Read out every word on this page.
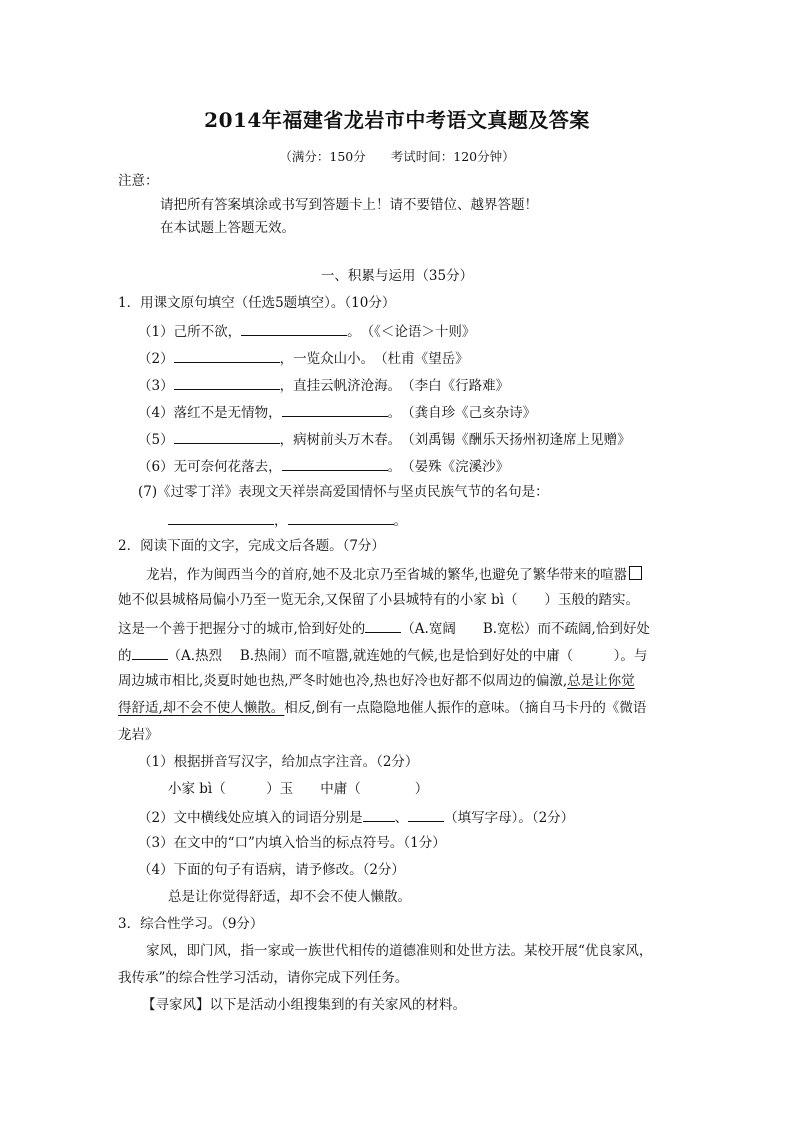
2014年福建省龙岩市中考语文真题及答案
（满分：150分　　考试时间：120分钟）
注意：
请把所有答案填涂或书写到答题卡上！请不要错位、越界答题！
在本试题上答题无效。
一、积累与运用（35分）
1．用课文原句填空（任选5题填空）。（10分）
（1）己所不欲，	。　（《＜论语＞十则》
（2）	，一览众山小。　（杜甫《望岳》
（3）	，直挂云帆济沧海。　（李白《行路难》
（4）落红不是无情物，	。　（龚自珍《己亥杂诗》
（5）	，病树前头万木春。　（刘禹锡《酬乐天扬州初逢席上见赠》
（6）无可奈何花落去，	。　（晏殊《浣溪沙》
(7)《过零丁洋》表现文天祥崇高爱国情怀与坚贞民族气节的名句是：
，	。
2．阅读下面的文字，完成文后各题。（7分）
龙岩，作为闽西当今的首府,她不及北京乃至省城的繁华,也避免了繁华带来的喧嚣
她不似县城格局偏小乃至一览无余,又保留了小县城特有的小家 bì（　　）玉般的踏实。
这是一个善于把握分寸的城市,恰到好处的	（A.宽阔　　B.宽松）而不疏阔,恰到好处
的	（A.热烈　 B.热闹）而不喧嚣,就连她的气候,也是恰到好处的中庸（　　　）。与
周边城市相比,炎夏时她也热,严冬时她也冷,热也好冷也好都不似周边的偏激,总是让你觉
得舒适,却不会不使人懒散。相反,倒有一点隐隐地催人振作的意味。（摘自马卡丹的《微语
龙岩》
（1）根据拼音写汉字，给加点字注音。（2分）
小家 bì（　　　）玉　　中庸（　　　　）
（2）文中横线处应填入的词语分别是 、	（填写字母）。（2分）
（3）在文中的“口”内填入恰当的标点符号。（1分）
（4）下面的句子有语病，请予修改。（2分）
总是让你觉得舒适，却不会不使人懒散。
3．综合性学习。（9分）
家风，即门风，指一家或一族世代相传的道德准则和处世方法。某校开展“优良家风，
我传承”的综合性学习活动，请你完成下列任务。
【寻家风】以下是活动小组搜集到的有关家风的材料。
